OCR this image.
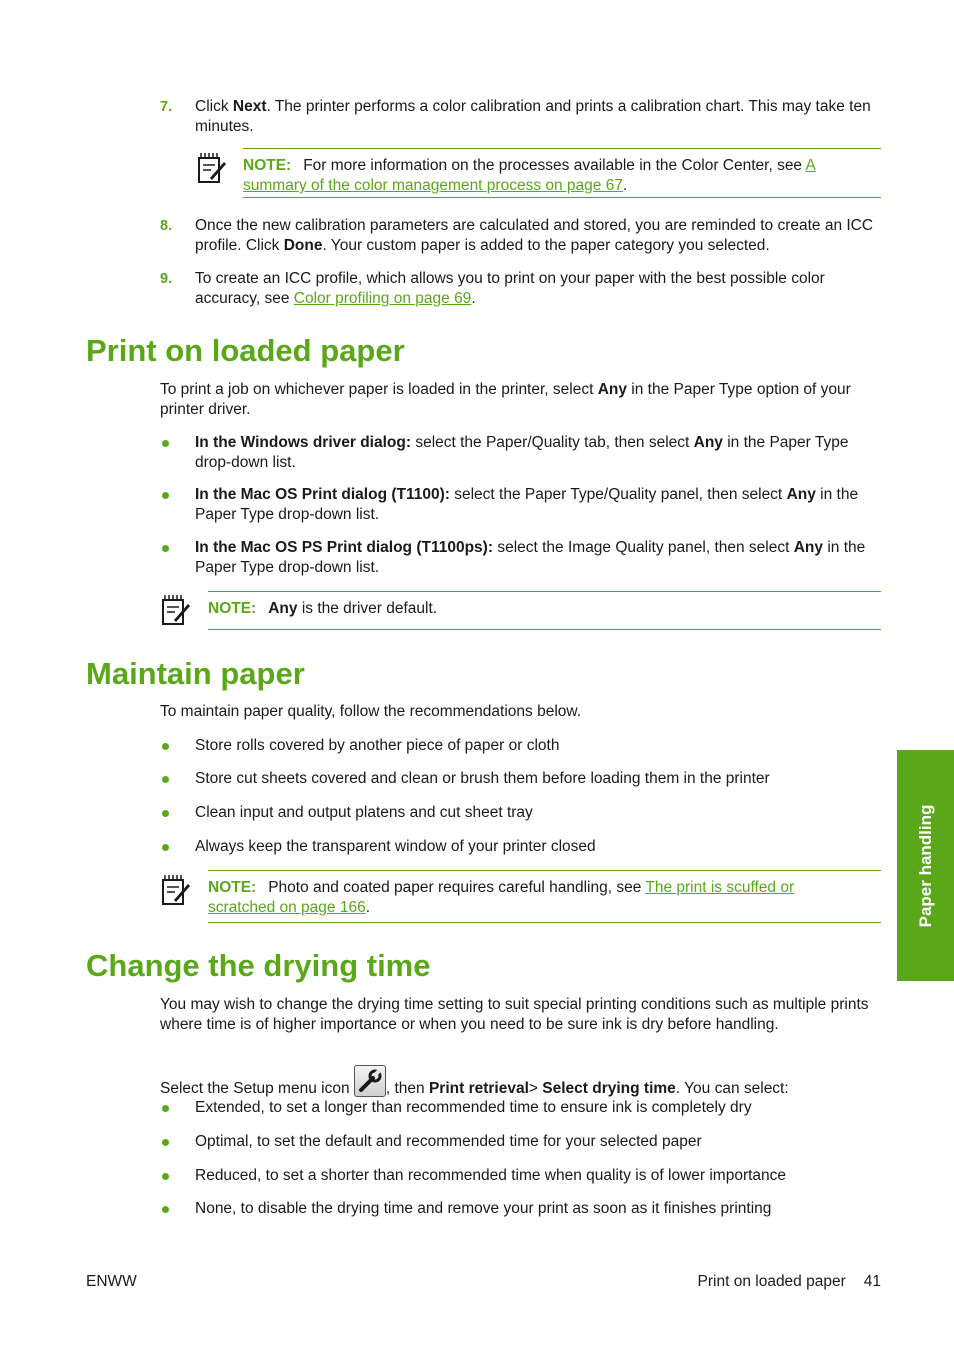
7. Click Next. The printer performs a color calibration and prints a calibration chart. This may take ten minutes.
NOTE: For more information on the processes available in the Color Center, see A summary of the color management process on page 67.
8. Once the new calibration parameters are calculated and stored, you are reminded to create an ICC profile. Click Done. Your custom paper is added to the paper category you selected.
9. To create an ICC profile, which allows you to print on your paper with the best possible color accuracy, see Color profiling on page 69.
Print on loaded paper
To print a job on whichever paper is loaded in the printer, select Any in the Paper Type option of your printer driver.
In the Windows driver dialog: select the Paper/Quality tab, then select Any in the Paper Type drop-down list.
In the Mac OS Print dialog (T1100): select the Paper Type/Quality panel, then select Any in the Paper Type drop-down list.
In the Mac OS PS Print dialog (T1100ps): select the Image Quality panel, then select Any in the Paper Type drop-down list.
NOTE: Any is the driver default.
Maintain paper
To maintain paper quality, follow the recommendations below.
Store rolls covered by another piece of paper or cloth
Store cut sheets covered and clean or brush them before loading them in the printer
Clean input and output platens and cut sheet tray
Always keep the transparent window of your printer closed
NOTE: Photo and coated paper requires careful handling, see The print is scuffed or scratched on page 166.
Change the drying time
You may wish to change the drying time setting to suit special printing conditions such as multiple prints where time is of higher importance or when you need to be sure ink is dry before handling.
Select the Setup menu icon
, then Print retrieval> Select drying time. You can select:
Extended, to set a longer than recommended time to ensure ink is completely dry
Optimal, to set the default and recommended time for your selected paper
Reduced, to set a shorter than recommended time when quality is of lower importance
None, to disable the drying time and remove your print as soon as it finishes printing
Paper handling
ENWW	Print on loaded paper 41
